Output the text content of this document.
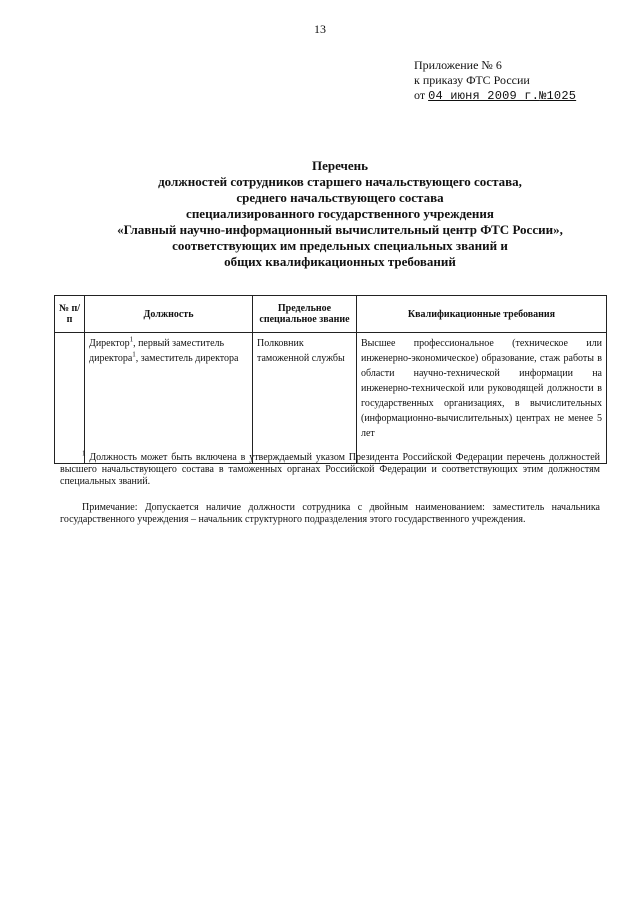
13
Приложение № 6
к приказу ФТС России
от 04 июня 2009 г.№1025
Перечень
должностей сотрудников старшего начальствующего состава,
среднего начальствующего состава
специализированного государственного учреждения
«Главный научно-информационный вычислительный центр ФТС России»,
соответствующих им предельных специальных званий и
общих квалификационных требований
№ п/п	Должность	Предельное специальное звание	Квалификационные требования
	Директор$^1$, первый заместитель директора$^1$, заместитель директора	Полковник таможенной службы	Высшее профессиональное (техническое или инженерно-экономическое) образование, стаж работы в области научно-технической информации на инженерно-технической или руководящей должности в государственных организациях, в вычислительных (информационно-вычислительных) центрах не менее 5 лет
$^1$ Должность может быть включена в утверждаемый указом Президента Российской Федерации перечень должностей высшего начальствующего состава в таможенных органах Российской Федерации и соответствующих этим должностям специальных званий.
Примечание: Допускается наличие должности сотрудника с двойным наименованием: заместитель начальника государственного учреждения – начальник структурного подразделения этого государственного учреждения.
